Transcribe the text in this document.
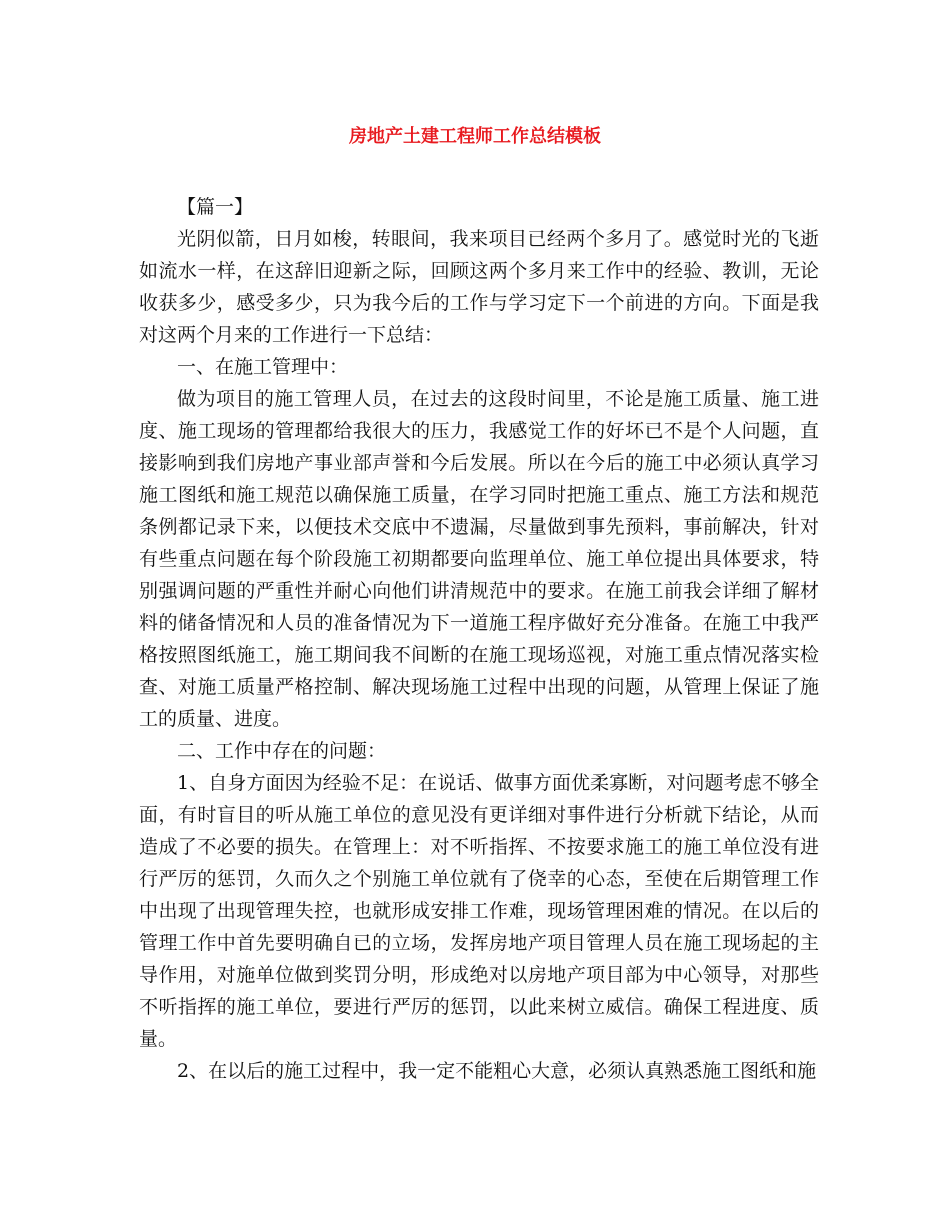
房地产土建工程师工作总结模板

【篇一】

光阴似箭，日月如梭，转眼间，我来项目已经两个多月了。感觉时光的飞逝如流水一样，在这辞旧迎新之际，回顾这两个多月来工作中的经验、教训，无论收获多少，感受多少，只为我今后的工作与学习定下一个前进的方向。下面是我对这两个月来的工作进行一下总结：

一、在施工管理中：

做为项目的施工管理人员，在过去的这段时间里，不论是施工质量、施工进度、施工现场的管理都给我很大的压力，我感觉工作的好坏已不是个人问题，直接影响到我们房地产事业部声誉和今后发展。所以在今后的施工中必须认真学习施工图纸和施工规范以确保施工质量，在学习同时把施工重点、施工方法和规范条例都记录下来，以便技术交底中不遗漏，尽量做到事先预料，事前解决，针对有些重点问题在每个阶段施工初期都要向监理单位、施工单位提出具体要求，特别强调问题的严重性并耐心向他们讲清规范中的要求。在施工前我会详细了解材料的储备情况和人员的准备情况为下一道施工程序做好充分准备。在施工中我严格按照图纸施工，施工期间我不间断的在施工现场巡视，对施工重点情况落实检查、对施工质量严格控制、解决现场施工过程中出现的问题，从管理上保证了施工的质量、进度。

二、工作中存在的问题：

1、自身方面因为经验不足：在说话、做事方面优柔寡断，对问题考虑不够全面，有时盲目的听从施工单位的意见没有更详细对事件进行分析就下结论，从而造成了不必要的损失。在管理上：对不听指挥、不按要求施工的施工单位没有进行严厉的惩罚，久而久之个别施工单位就有了侥幸的心态，至使在后期管理工作中出现了出现管理失控，也就形成安排工作难，现场管理困难的情况。在以后的管理工作中首先要明确自已的立场，发挥房地产项目管理人员在施工现场起的主导作用，对施单位做到奖罚分明，形成绝对以房地产项目部为中心领导，对那些不听指挥的施工单位，要进行严厉的惩罚，以此来树立威信。确保工程进度、质量。

2、在以后的施工过程中，我一定不能粗心大意，必须认真熟悉施工图纸和施
